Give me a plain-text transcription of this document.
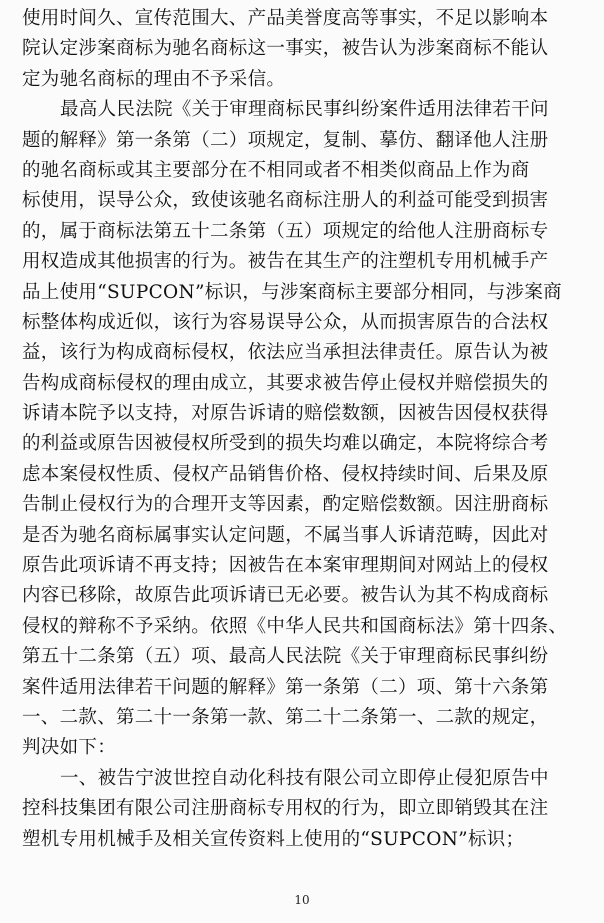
使用时间久、宣传范围大、产品美誉度高等事实，不足以影响本
院认定涉案商标为驰名商标这一事实，被告认为涉案商标不能认
定为驰名商标的理由不予采信。
最高人民法院《关于审理商标民事纠纷案件适用法律若干问
题的解释》第一条第（二）项规定，复制、摹仿、翻译他人注册
的驰名商标或其主要部分在不相同或者不相类似商品上作为商
标使用，误导公众，致使该驰名商标注册人的利益可能受到损害
的，属于商标法第五十二条第（五）项规定的给他人注册商标专
用权造成其他损害的行为。被告在其生产的注塑机专用机械手产
品上使用“SUPCON”标识，与涉案商标主要部分相同，与涉案商
标整体构成近似，该行为容易误导公众，从而损害原告的合法权
益，该行为构成商标侵权，依法应当承担法律责任。原告认为被
告构成商标侵权的理由成立，其要求被告停止侵权并赔偿损失的
诉请本院予以支持，对原告诉请的赔偿数额，因被告因侵权获得
的利益或原告因被侵权所受到的损失均难以确定，本院将综合考
虑本案侵权性质、侵权产品销售价格、侵权持续时间、后果及原
告制止侵权行为的合理开支等因素，酌定赔偿数额。因注册商标
是否为驰名商标属事实认定问题，不属当事人诉请范畴，因此对
原告此项诉请不再支持；因被告在本案审理期间对网站上的侵权
内容已移除，故原告此项诉请已无必要。被告认为其不构成商标
侵权的辩称不予采纳。依照《中华人民共和国商标法》第十四条、
第五十二条第（五）项、最高人民法院《关于审理商标民事纠纷
案件适用法律若干问题的解释》第一条第（二）项、第十六条第
一、二款、第二十一条第一款、第二十二条第一、二款的规定，
判决如下：
一、被告宁波世控自动化科技有限公司立即停止侵犯原告中
控科技集团有限公司注册商标专用权的行为，即立即销毁其在注
塑机专用机械手及相关宣传资料上使用的“SUPCON”标识；
10
